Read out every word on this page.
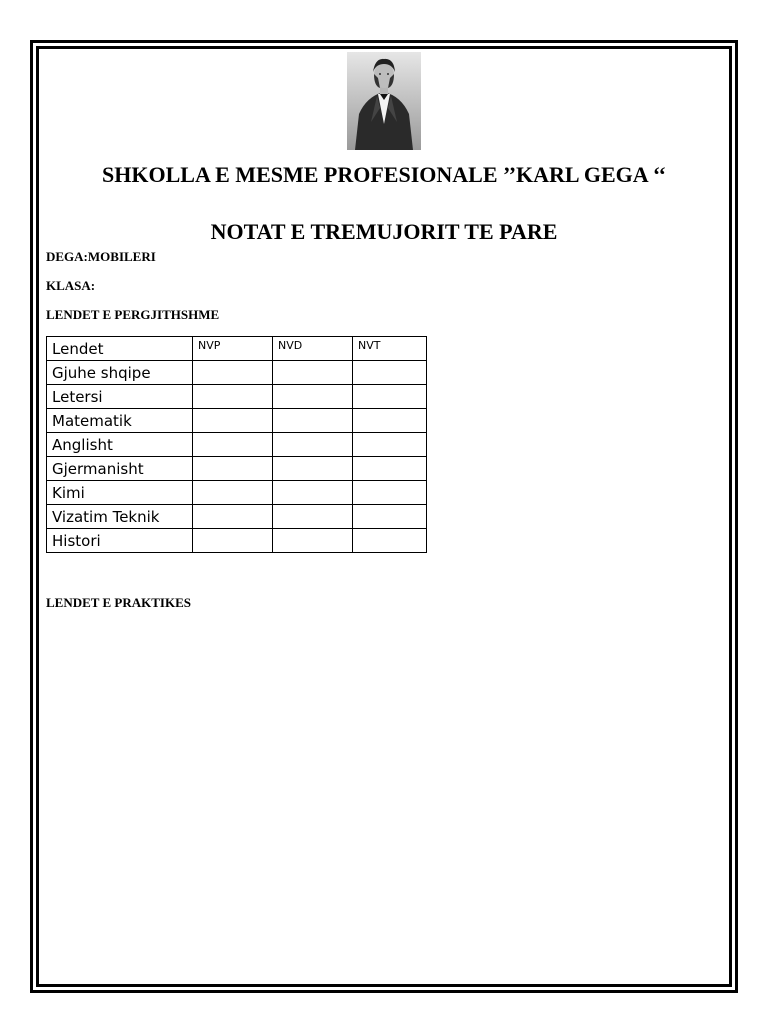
SHKOLLA E MESME PROFESIONALE ’’KARL GEGA ‘‘
NOTAT E TREMUJORIT TE PARE
DEGA:MOBILERI
KLASA:
LENDET E PERGJITHSHME
Lendet	NVP	NVD	NVT
Gjuhe shqipe			
Letersi			
Matematik			
Anglisht			
Gjermanisht			
Kimi			
Vizatim Teknik			
Histori			
LENDET E PRAKTIKES
